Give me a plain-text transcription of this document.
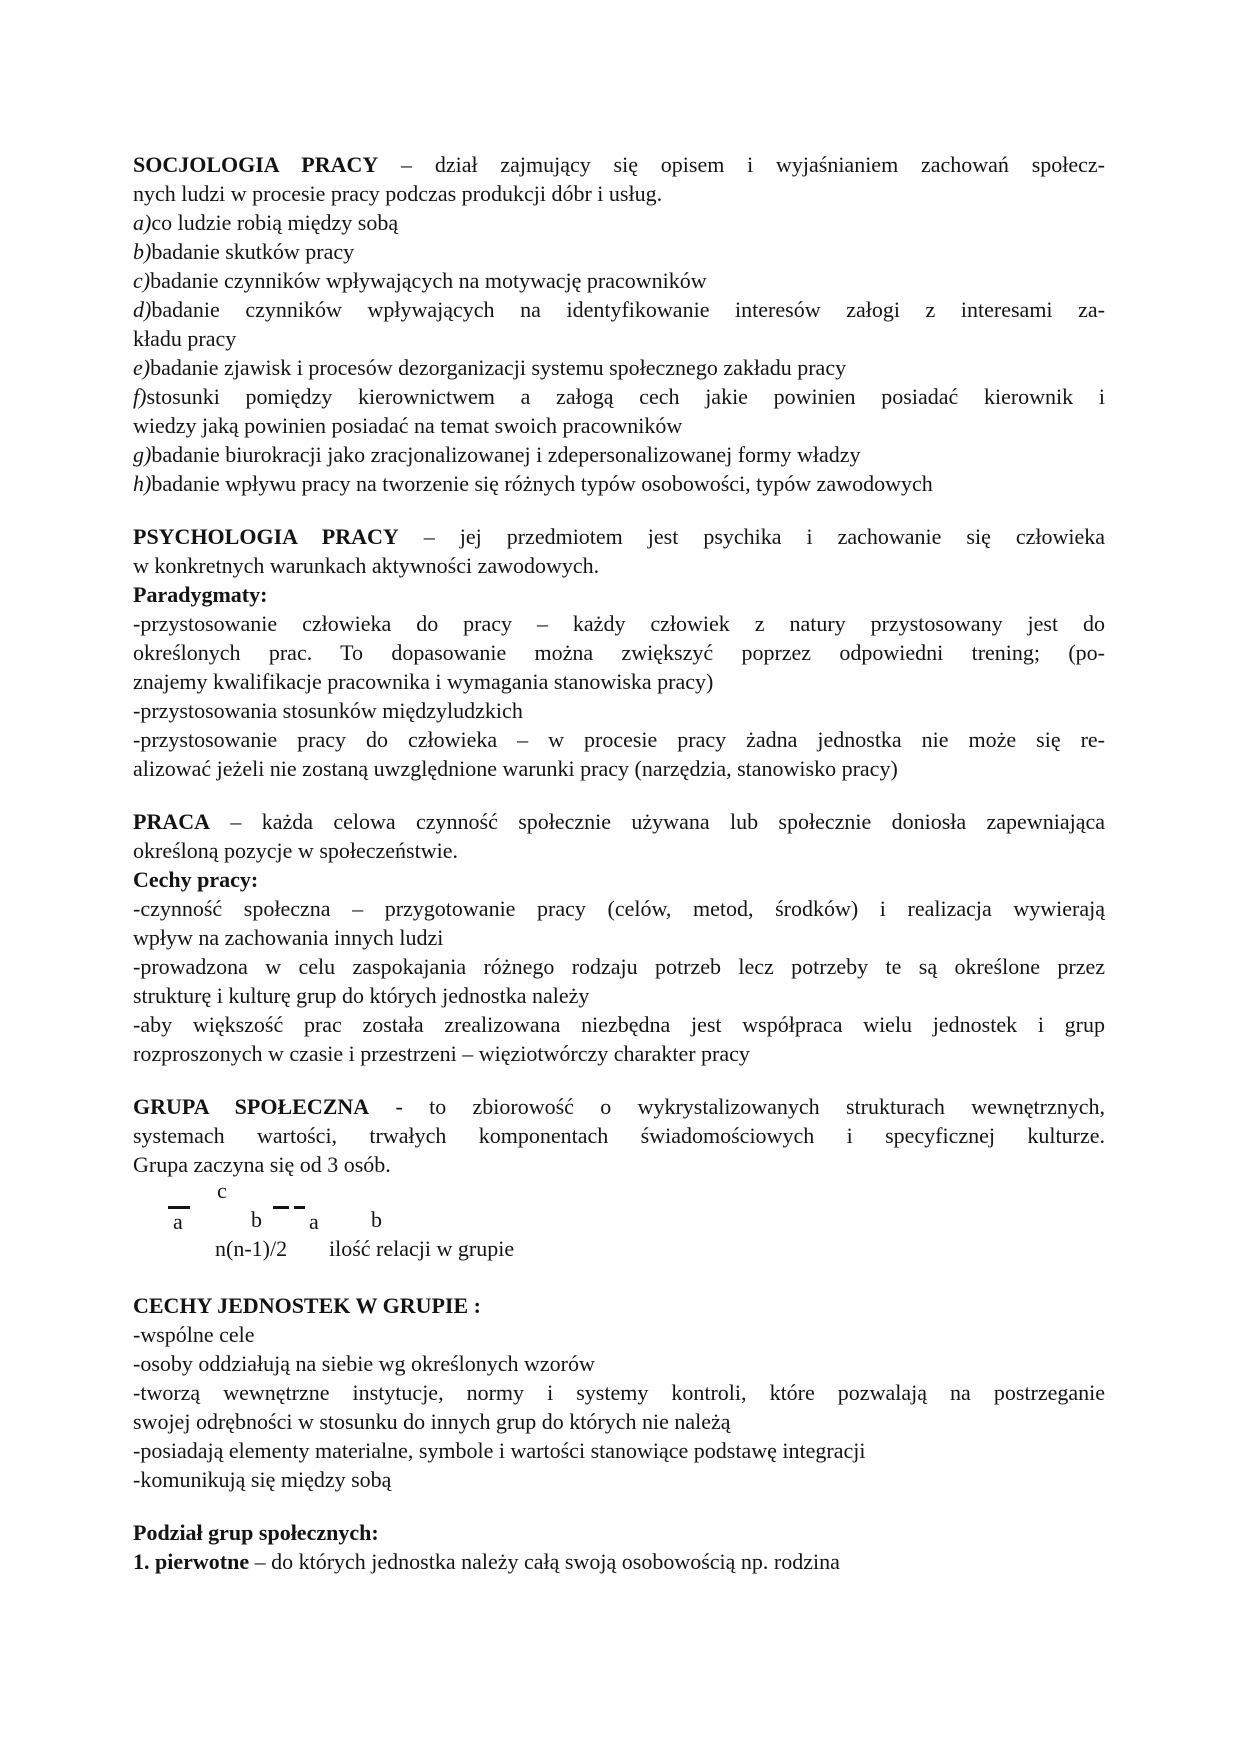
SOCJOLOGIA PRACY – dział zajmujący się opisem i wyjaśnianiem zachowań społecz-
nych ludzi w procesie pracy podczas produkcji dóbr i usług.
a)co ludzie robią między sobą
b)badanie skutków pracy
c)badanie czynników wpływających na motywację pracowników
d)badanie czynników wpływających na identyfikowanie interesów załogi z interesami za-
kładu pracy
e)badanie zjawisk i procesów dezorganizacji systemu społecznego zakładu pracy
f)stosunki pomiędzy kierownictwem a załogą cech jakie powinien posiadać kierownik i
wiedzy jaką powinien posiadać na temat swoich pracowników
g)badanie biurokracji jako zracjonalizowanej i zdepersonalizowanej formy władzy
h)badanie wpływu pracy na tworzenie się różnych typów osobowości, typów zawodowych
PSYCHOLOGIA PRACY – jej przedmiotem jest psychika i zachowanie się człowieka
w konkretnych warunkach aktywności zawodowych.
Paradygmaty:
-przystosowanie człowieka do pracy – każdy człowiek z natury przystosowany jest do
określonych prac. To dopasowanie można zwiększyć poprzez odpowiedni trening; (po-
znajemy kwalifikacje pracownika i wymagania stanowiska pracy)
-przystosowania stosunków międzyludzkich
-przystosowanie pracy do człowieka – w procesie pracy żadna jednostka nie może się re-
alizować jeżeli nie zostaną uwzględnione warunki pracy (narzędzia, stanowisko pracy)
PRACA – każda celowa czynność społecznie używana lub społecznie doniosła zapewniająca
określoną pozycje w społeczeństwie.
Cechy pracy:
-czynność społeczna – przygotowanie pracy (celów, metod, środków) i realizacja wywierają
wpływ na zachowania innych ludzi
-prowadzona w celu zaspokajania różnego rodzaju potrzeb lecz potrzeby te są określone przez
strukturę i kulturę grup do których jednostka należy
-aby większość prac została zrealizowana niezbędna jest współpraca wielu jednostek i grup
rozproszonych w czasie i przestrzeni – więziotwórczy charakter pracy
GRUPA SPOŁECZNA - to zbiorowość o wykrystalizowanych strukturach wewnętrznych,
systemach wartości, trwałych komponentach świadomościowych i specyficznej kulturze.
Grupa zaczyna się od 3 osób.
c
a	b a b
n(n-1)/2 ilość relacji w grupie
CECHY JEDNOSTEK W GRUPIE :
-wspólne cele
-osoby oddziałują na siebie wg określonych wzorów
-tworzą wewnętrzne instytucje, normy i systemy kontroli, które pozwalają na postrzeganie
swojej odrębności w stosunku do innych grup do których nie należą
-posiadają elementy materialne, symbole i wartości stanowiące podstawę integracji
-komunikują się między sobą
Podział grup społecznych:
1. pierwotne – do których jednostka należy całą swoją osobowością np. rodzina
